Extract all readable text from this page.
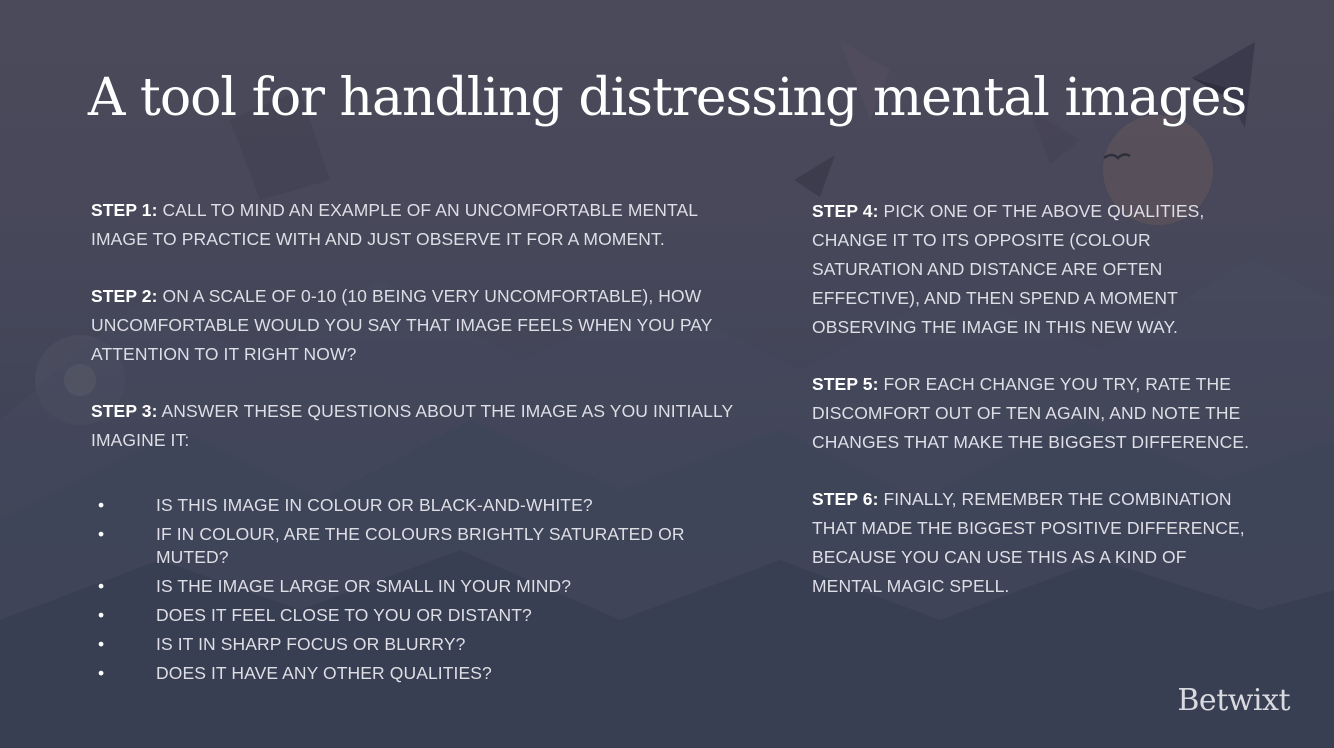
A tool for handling distressing mental images

STEP 1: CALL TO MIND AN EXAMPLE OF AN UNCOMFORTABLE MENTAL IMAGE TO PRACTICE WITH AND JUST OBSERVE IT FOR A MOMENT.

STEP 2: ON A SCALE OF 0-10 (10 BEING VERY UNCOMFORTABLE), HOW UNCOMFORTABLE WOULD YOU SAY THAT IMAGE FEELS WHEN YOU PAY ATTENTION TO IT RIGHT NOW?

STEP 3: ANSWER THESE QUESTIONS ABOUT THE IMAGE AS YOU INITIALLY IMAGINE IT:

• IS THIS IMAGE IN COLOUR OR BLACK-AND-WHITE?
• IF IN COLOUR, ARE THE COLOURS BRIGHTLY SATURATED OR MUTED?
• IS THE IMAGE LARGE OR SMALL IN YOUR MIND?
• DOES IT FEEL CLOSE TO YOU OR DISTANT?
• IS IT IN SHARP FOCUS OR BLURRY?
• DOES IT HAVE ANY OTHER QUALITIES?

STEP 4: PICK ONE OF THE ABOVE QUALITIES, CHANGE IT TO ITS OPPOSITE (COLOUR SATURATION AND DISTANCE ARE OFTEN EFFECTIVE), AND THEN SPEND A MOMENT OBSERVING THE IMAGE IN THIS NEW WAY.

STEP 5: FOR EACH CHANGE YOU TRY, RATE THE DISCOMFORT OUT OF TEN AGAIN, AND NOTE THE CHANGES THAT MAKE THE BIGGEST DIFFERENCE.

STEP 6: FINALLY, REMEMBER THE COMBINATION THAT MADE THE BIGGEST POSITIVE DIFFERENCE, BECAUSE YOU CAN USE THIS AS A KIND OF MENTAL MAGIC SPELL.

Betwixt
